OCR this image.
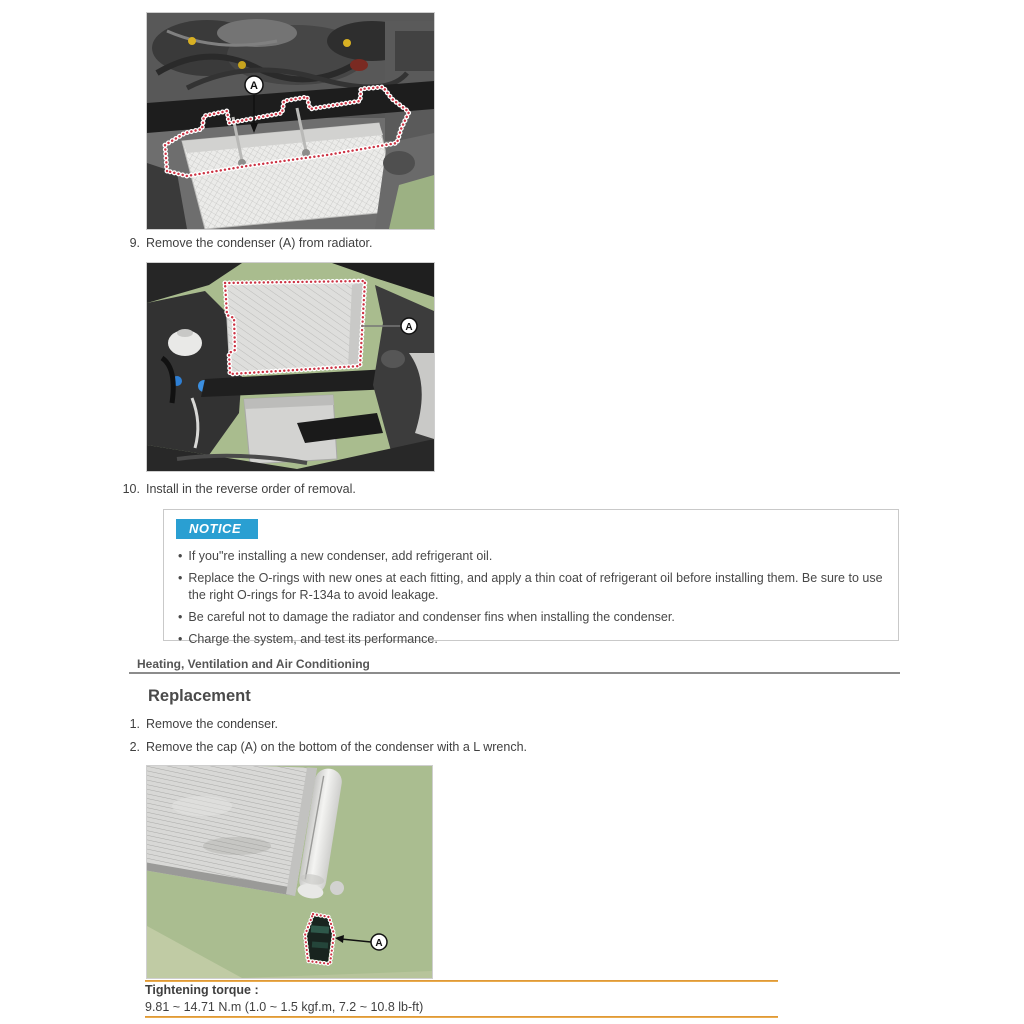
A
9. Remove the condenser (A) from radiator.
A
10. Install in the reverse order of removal.
NOTICE
• If you"re installing a new condenser, add refrigerant oil.
• Replace the O-rings with new ones at each fitting, and apply a thin coat of refrigerant oil before installing them. Be sure to use the right O-rings for R-134a to avoid leakage.
• Be careful not to damage the radiator and condenser fins when installing the condenser.
• Charge the system, and test its performance.
Heating, Ventilation and Air Conditioning
Replacement
1. Remove the condenser.
2. Remove the cap (A) on the bottom of the condenser with a L wrench.
A
Tightening torque :
9.81 ~ 14.71 N.m (1.0 ~ 1.5 kgf.m, 7.2 ~ 10.8 lb-ft)
